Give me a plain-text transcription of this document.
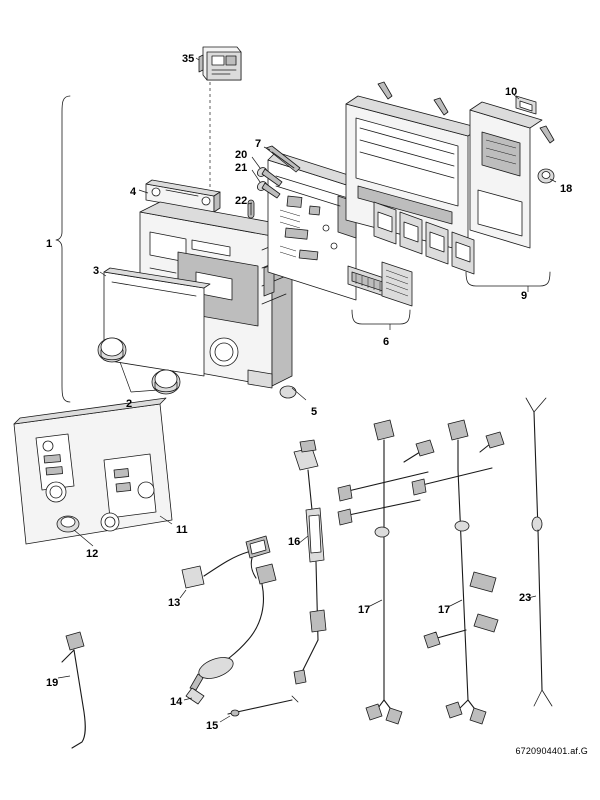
1
2
3
4
5
6
7
9
10
11
12
13
14
15
16
17	17
18
19
20
21
22
23
35
6720904401.af.G
